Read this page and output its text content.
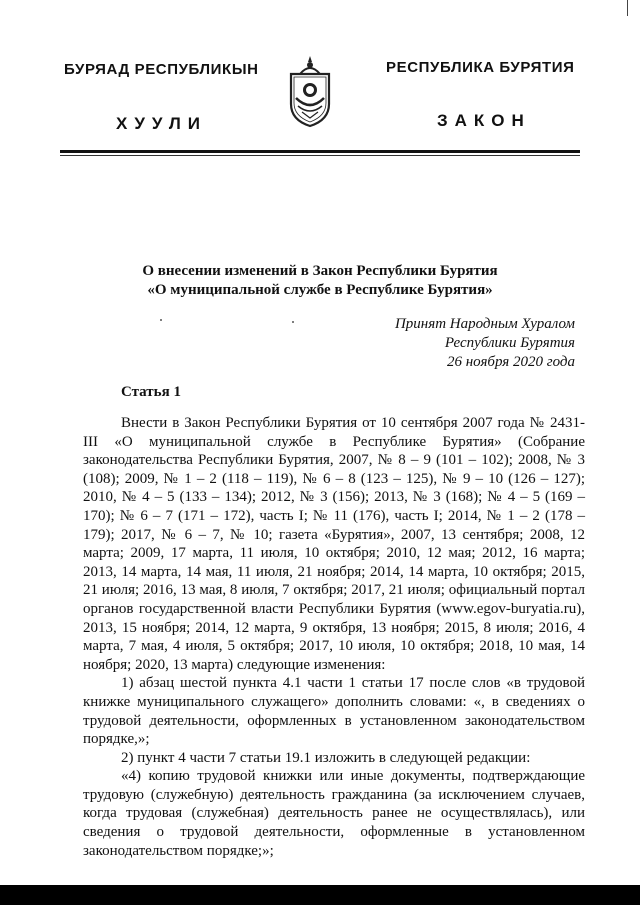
БУРЯАД РЕСПУБЛИКЫН
ХУУЛИ
РЕСПУБЛИКА БУРЯТИЯ
ЗАКОН
О внесении изменений в Закон Республики Бурятия
«О муниципальной службе в Республике Бурятия»
Принят Народным Хуралом
Республики Бурятия
26 ноября 2020 года
Статья 1

Внести в Закон Республики Бурятия от 10 сентября 2007 года № 2431-III «О муниципальной службе в Республике Бурятия» (Собрание законодательства Республики Бурятия, 2007, № 8 – 9 (101 – 102); 2008, № 3 (108); 2009, № 1 – 2 (118 – 119), № 6 – 8 (123 – 125), № 9 – 10 (126 – 127); 2010, № 4 – 5 (133 – 134); 2012, № 3 (156); 2013, № 3 (168); № 4 – 5 (169 – 170); № 6 – 7 (171 – 172), часть I; № 11 (176), часть I; 2014, № 1 – 2 (178 – 179); 2017, № 6 – 7, № 10; газета «Бурятия», 2007, 13 сентября; 2008, 12 марта; 2009, 17 марта, 11 июля, 10 октября; 2010, 12 мая; 2012, 16 марта; 2013, 14 марта, 14 мая, 11 июля, 21 ноября; 2014, 14 марта, 10 октября; 2015, 21 июля; 2016, 13 мая, 8 июля, 7 октября; 2017, 21 июля; официальный портал органов государственной власти Республики Бурятия (www.egov-buryatia.ru), 2013, 15 ноября; 2014, 12 марта, 9 октября, 13 ноября; 2015, 8 июля; 2016, 4 марта, 7 мая, 4 июля, 5 октября; 2017, 10 июля, 10 октября; 2018, 10 мая, 14 ноября; 2020, 13 марта) следующие изменения:

1) абзац шестой пункта 4.1 части 1 статьи 17 после слов «в трудовой книжке муниципального служащего» дополнить словами: «, в сведениях о трудовой деятельности, оформленных в установленном законодательством порядке,»;

2) пункт 4 части 7 статьи 19.1 изложить в следующей редакции:

«4) копию трудовой книжки или иные документы, подтверждающие трудовую (служебную) деятельность гражданина (за исключением случаев, когда трудовая (служебная) деятельность ранее не осуществлялась), или сведения о трудовой деятельности, оформленные в установленном законодательством порядке;»;
